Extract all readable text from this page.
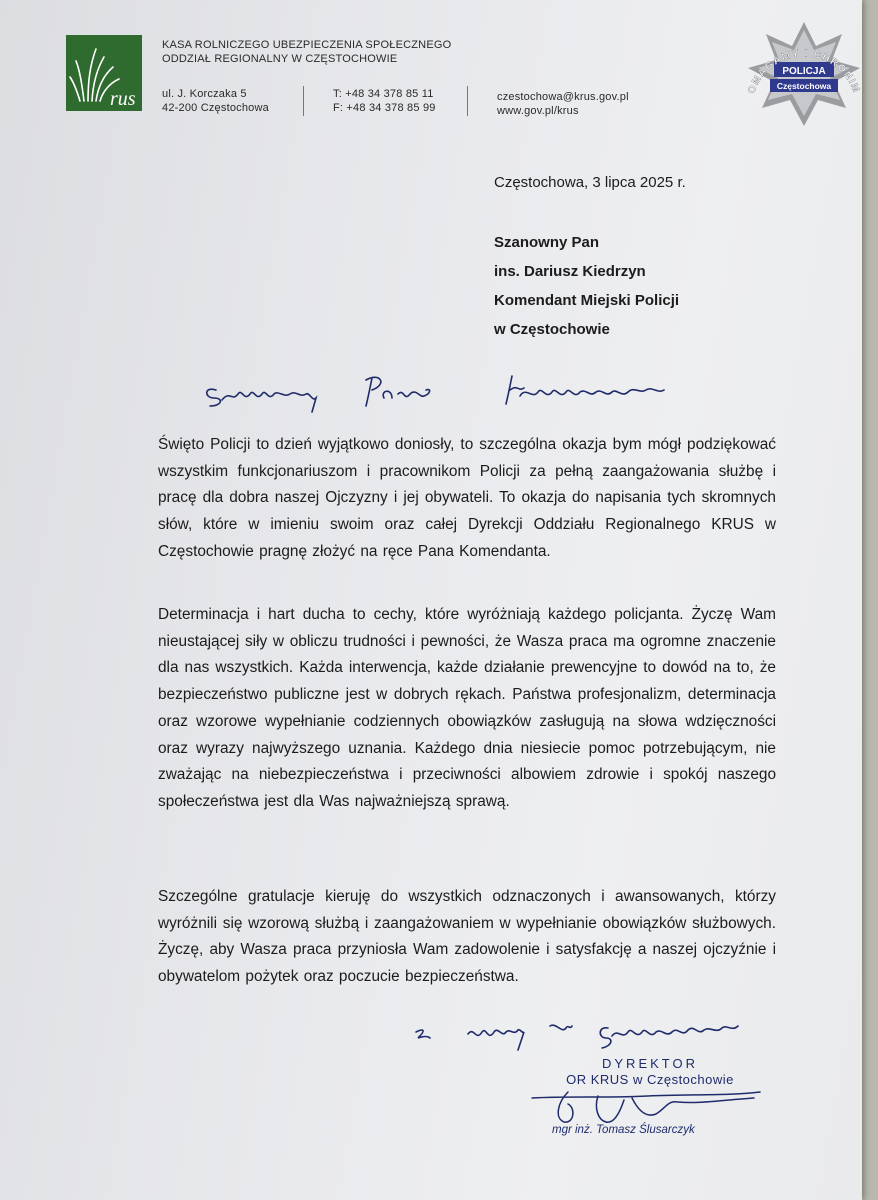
rus
KASA ROLNICZEGO UBEZPIECZENIA SPOŁECZNEGO
ODDZIAŁ REGIONALNY W CZĘSTOCHOWIE
ul. J. Korczaka 5
42-200 Częstochowa
T: +48 34 378 85 11
F: +48 34 378 85 99
czestochowa@krus.gov.pl
www.gov.pl/krus
POLICJA
Częstochowa
OMAGAMY I CHRONIM
Częstochowa, 3 lipca 2025 r.
Szanowny Pan
ins. Dariusz Kiedrzyn
Komendant Miejski Policji
w Częstochowie

Święto Policji to dzień wyjątkowo doniosły, to szczególna okazja bym mógł podziękować wszystkim funkcjonariuszom i pracownikom Policji za pełną zaangażowania służbę i pracę dla dobra naszej Ojczyzny i jej obywateli. To okazja do napisania tych skromnych słów, które w imieniu swoim oraz całej Dyrekcji Oddziału Regionalnego KRUS w Częstochowie pragnę złożyć na ręce Pana Komendanta.

Determinacja i hart ducha to cechy, które wyróżniają każdego policjanta. Życzę Wam nieustającej siły w obliczu trudności i pewności, że Wasza praca ma ogromne znaczenie dla nas wszystkich. Każda interwencja, każde działanie prewencyjne to dowód na to, że bezpieczeństwo publiczne jest w dobrych rękach. Państwa profesjonalizm, determinacja oraz wzorowe wypełnianie codziennych obowiązków zasługują na słowa wdzięczności oraz wyrazy najwyższego uznania. Każdego dnia niesiecie pomoc potrzebującym, nie zważając na niebezpieczeństwa i przeciwności albowiem zdrowie i spokój naszego społeczeństwa jest dla Was najważniejszą sprawą.

Szczególne gratulacje kieruję do wszystkich odznaczonych i awansowanych, którzy wyróżnili się wzorową służbą i zaangażowaniem w wypełnianie obowiązków służbowych. Życzę, aby Wasza praca przyniosła Wam zadowolenie i satysfakcję a naszej ojczyźnie i obywatelom pożytek oraz poczucie bezpieczeństwa.

DYREKTOR
OR KRUS w Częstochowie
mgr inż. Tomasz Ślusarczyk
